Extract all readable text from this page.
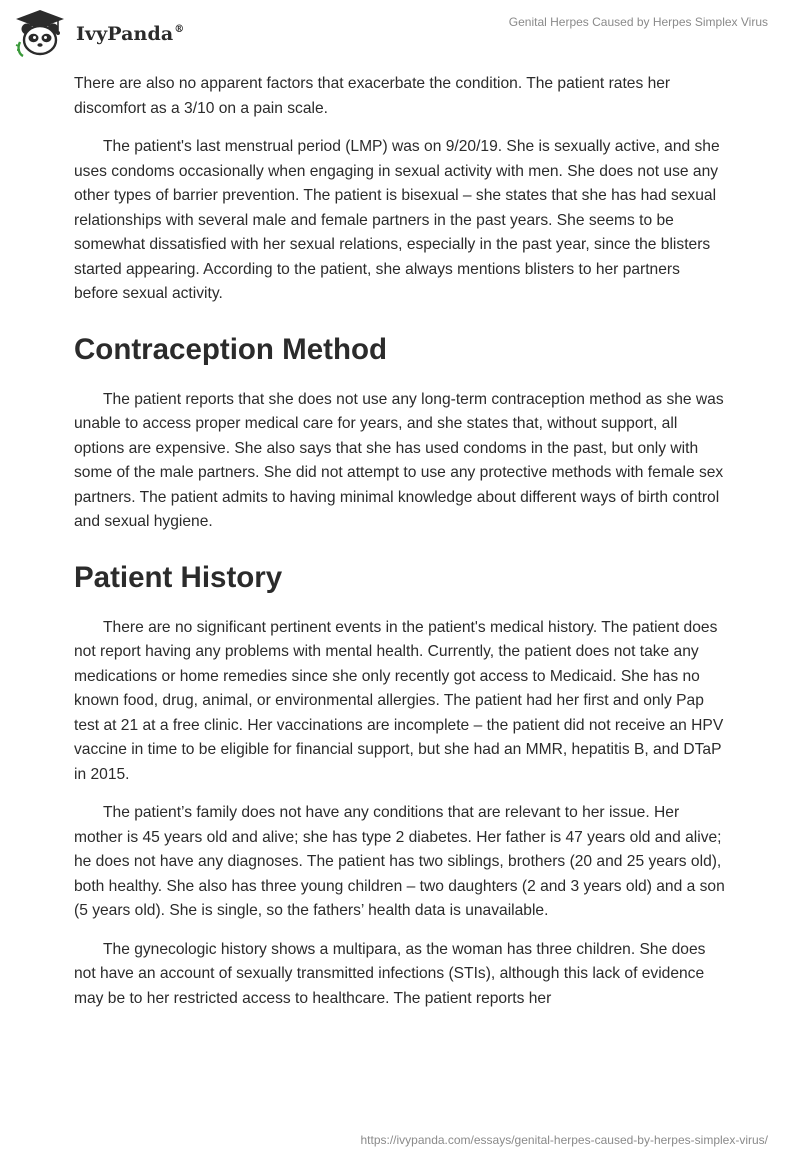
IvyPanda®
Genital Herpes Caused by Herpes Simplex Virus

There are also no apparent factors that exacerbate the condition. The patient rates her discomfort as a 3/10 on a pain scale.

The patient's last menstrual period (LMP) was on 9/20/19. She is sexually active, and she uses condoms occasionally when engaging in sexual activity with men. She does not use any other types of barrier prevention. The patient is bisexual – she states that she has had sexual relationships with several male and female partners in the past years. She seems to be somewhat dissatisfied with her sexual relations, especially in the past year, since the blisters started appearing. According to the patient, she always mentions blisters to her partners before sexual activity.

Contraception Method

The patient reports that she does not use any long-term contraception method as she was unable to access proper medical care for years, and she states that, without support, all options are expensive. She also says that she has used condoms in the past, but only with some of the male partners. She did not attempt to use any protective methods with female sex partners. The patient admits to having minimal knowledge about different ways of birth control and sexual hygiene.

Patient History

There are no significant pertinent events in the patient's medical history. The patient does not report having any problems with mental health. Currently, the patient does not take any medications or home remedies since she only recently got access to Medicaid. She has no known food, drug, animal, or environmental allergies. The patient had her first and only Pap test at 21 at a free clinic. Her vaccinations are incomplete – the patient did not receive an HPV vaccine in time to be eligible for financial support, but she had an MMR, hepatitis B, and DTaP in 2015.

The patient’s family does not have any conditions that are relevant to her issue. Her mother is 45 years old and alive; she has type 2 diabetes. Her father is 47 years old and alive; he does not have any diagnoses. The patient has two siblings, brothers (20 and 25 years old), both healthy. She also has three young children – two daughters (2 and 3 years old) and a son (5 years old). She is single, so the fathers’ health data is unavailable.

The gynecologic history shows a multipara, as the woman has three children. She does not have an account of sexually transmitted infections (STIs), although this lack of evidence may be to her restricted access to healthcare. The patient reports her

https://ivypanda.com/essays/genital-herpes-caused-by-herpes-simplex-virus/
